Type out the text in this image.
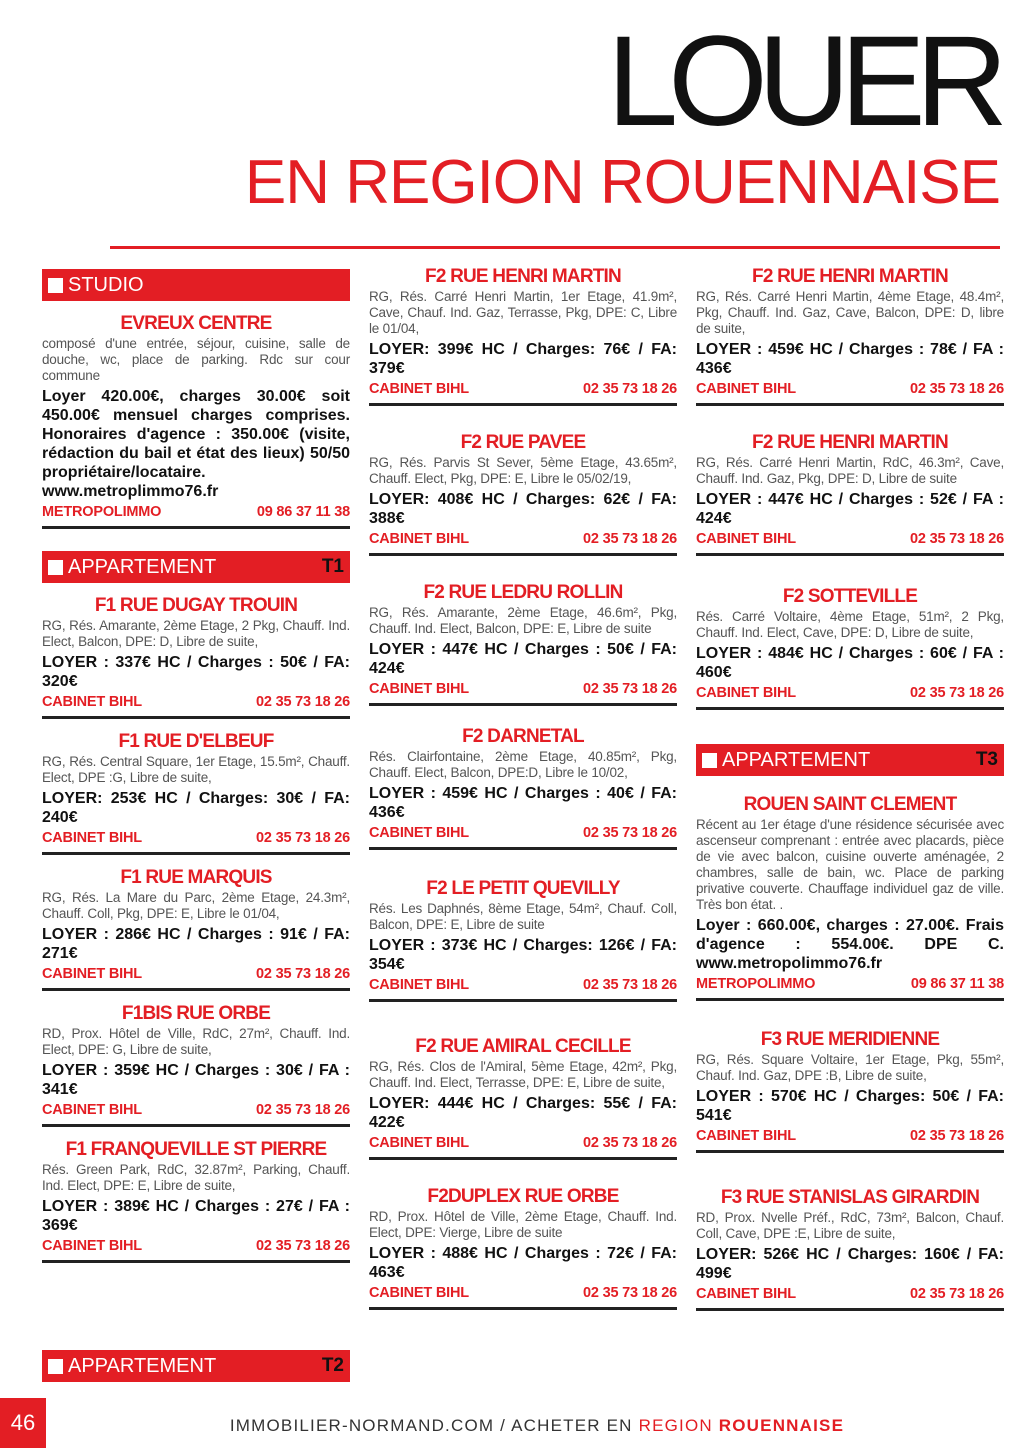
LOUER
EN REGION ROUENNAISE
STUDIO
EVREUX CENTRE

composé d'une entrée, séjour, cuisine, salle de douche, wc, place de parking. Rdc sur cour commune

Loyer 420.00€, charges 30.00€ soit 450.00€ mensuel charges comprises. Honoraires d'agence : 350.00€ (visite, rédaction du bail et état des lieux) 50/50 propriétaire/locataire. www.metroplimmo76.fr

METROPOLIMMO	09 86 37 11 38
APPARTEMENT	T1
F1 RUE DUGAY TROUIN

RG, Rés. Amarante, 2ème Etage, 2 Pkg, Chauff. Ind. Elect, Balcon, DPE: D, Libre de suite,

LOYER : 337€ HC / Charges : 50€ / FA: 320€

CABINET BIHL	02 35 73 18 26
F1 RUE D'ELBEUF

RG, Rés. Central Square, 1er Etage, 15.5m², Chauff. Elect, DPE :G, Libre de suite,

LOYER: 253€ HC / Charges: 30€ / FA: 240€

CABINET BIHL	02 35 73 18 26
F1 RUE MARQUIS

RG, Rés. La Mare du Parc, 2ème Etage, 24.3m², Chauff. Coll, Pkg, DPE: E, Libre le 01/04,

LOYER : 286€ HC / Charges : 91€ / FA: 271€

CABINET BIHL	02 35 73 18 26
F1BIS RUE ORBE

RD, Prox. Hôtel de Ville, RdC, 27m², Chauff. Ind. Elect, DPE: G, Libre de suite,

LOYER : 359€ HC / Charges : 30€ / FA : 341€

CABINET BIHL	02 35 73 18 26
F1 FRANQUEVILLE ST PIERRE

Rés. Green Park, RdC, 32.87m², Parking, Chauff. Ind. Elect, DPE: E, Libre de suite,

LOYER : 389€ HC / Charges : 27€ / FA : 369€

CABINET BIHL	02 35 73 18 26
APPARTEMENT	T2
F2 RUE HENRI MARTIN

RG, Rés. Carré Henri Martin, 1er Etage, 41.9m², Cave, Chauf. Ind. Gaz, Terrasse, Pkg, DPE: C, Libre le 01/04,

LOYER: 399€ HC / Charges: 76€ / FA: 379€

CABINET BIHL	02 35 73 18 26
F2 RUE PAVEE

RG, Rés. Parvis St Sever, 5ème Etage, 43.65m², Chauff. Elect, Pkg, DPE: E, Libre le 05/02/19,

LOYER: 408€ HC / Charges: 62€ / FA: 388€

CABINET BIHL	02 35 73 18 26
F2 RUE LEDRU ROLLIN

RG, Rés. Amarante, 2ème Etage, 46.6m², Pkg, Chauff. Ind. Elect, Balcon, DPE: E, Libre de suite

LOYER : 447€ HC / Charges : 50€ / FA: 424€

CABINET BIHL	02 35 73 18 26
F2 DARNETAL

Rés. Clairfontaine, 2ème Etage, 40.85m², Pkg, Chauff. Elect, Balcon, DPE:D, Libre le 10/02,

LOYER : 459€ HC / Charges : 40€ / FA: 436€

CABINET BIHL	02 35 73 18 26
F2 LE PETIT QUEVILLY

Rés. Les Daphnés, 8ème Etage, 54m², Chauf. Coll, Balcon, DPE: E, Libre de suite

LOYER : 373€ HC / Charges: 126€ / FA: 354€

CABINET BIHL	02 35 73 18 26
F2 RUE AMIRAL CECILLE

RG, Rés. Clos de l'Amiral, 5ème Etage, 42m², Pkg, Chauff. Ind. Elect, Terrasse, DPE: E, Libre de suite,

LOYER: 444€ HC / Charges: 55€ / FA: 422€

CABINET BIHL	02 35 73 18 26
F2DUPLEX RUE ORBE

RD, Prox. Hôtel de Ville, 2ème Etage, Chauff. Ind. Elect, DPE: Vierge, Libre de suite

LOYER : 488€ HC / Charges : 72€ / FA: 463€

CABINET BIHL	02 35 73 18 26
F2 RUE HENRI MARTIN

RG, Rés. Carré Henri Martin, 4ème Etage, 48.4m², Pkg, Chauff. Ind. Gaz, Cave, Balcon, DPE: D, libre de suite,

LOYER : 459€ HC / Charges : 78€ / FA : 436€

CABINET BIHL	02 35 73 18 26
F2 RUE HENRI MARTIN

RG, Rés. Carré Henri Martin, RdC, 46.3m², Cave, Chauff. Ind. Gaz, Pkg, DPE: D, Libre de suite

LOYER : 447€ HC / Charges : 52€ / FA : 424€

CABINET BIHL	02 35 73 18 26
F2 SOTTEVILLE

Rés. Carré Voltaire, 4ème Etage, 51m², 2 Pkg, Chauff. Ind. Elect, Cave, DPE: D, Libre de suite,

LOYER : 484€ HC / Charges : 60€ / FA : 460€

CABINET BIHL	02 35 73 18 26
APPARTEMENT	T3
ROUEN SAINT CLEMENT

Récent au 1er étage d'une résidence sécurisée avec ascenseur comprenant : entrée avec placards, pièce de vie avec balcon, cuisine ouverte aménagée, 2 chambres, salle de bain, wc. Place de parking privative couverte. Chauffage individuel gaz de ville. Très bon état. .

Loyer : 660.00€, charges : 27.00€. Frais d'agence : 554.00€. DPE C. www.metropolimmo76.fr

METROPOLIMMO	09 86 37 11 38
F3 RUE MERIDIENNE

RG, Rés. Square Voltaire, 1er Etage, Pkg, 55m², Chauf. Ind. Gaz, DPE :B, Libre de suite,

LOYER : 570€ HC / Charges: 50€ / FA: 541€

CABINET BIHL	02 35 73 18 26
F3 RUE STANISLAS GIRARDIN

RD, Prox. Nvelle Préf., RdC, 73m², Balcon, Chauf. Coll, Cave, DPE :E, Libre de suite,

LOYER: 526€ HC / Charges: 160€ / FA: 499€

CABINET BIHL	02 35 73 18 26
46	IMMOBILIER-NORMAND.COM / ACHETER EN REGION ROUENNAISE
